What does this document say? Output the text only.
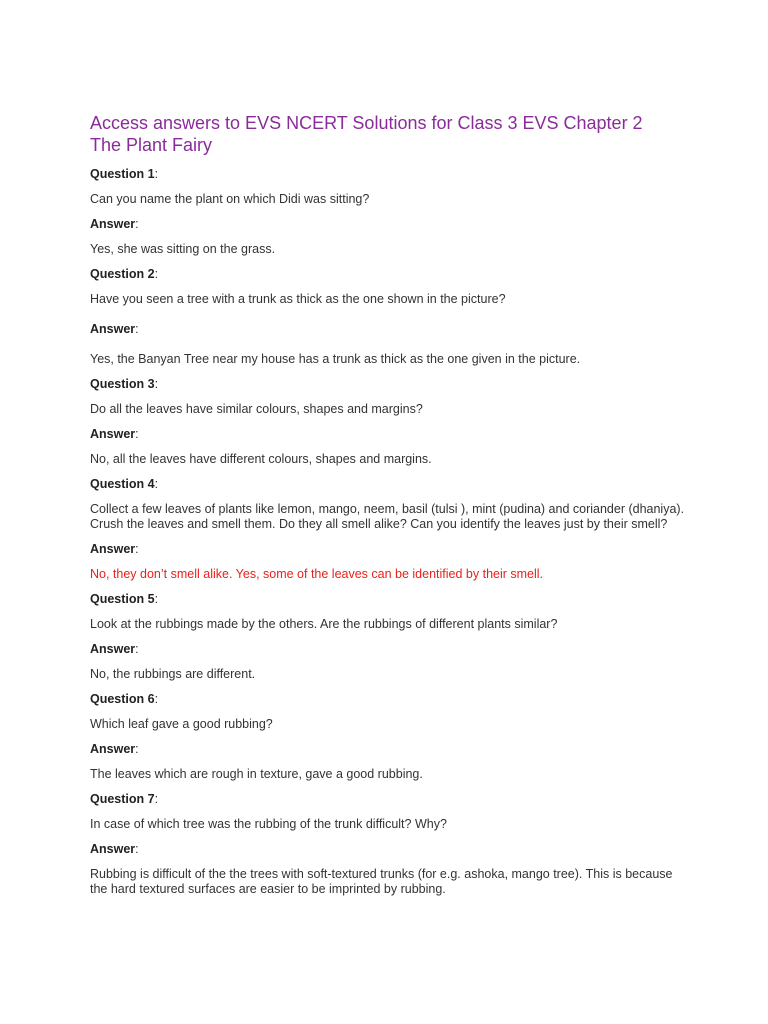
Access answers to EVS NCERT Solutions for Class 3 EVS Chapter 2
The Plant Fairy

Question 1:

Can you name the plant on which Didi was sitting?

Answer:

Yes, she was sitting on the grass.

Question 2:

Have you seen a tree with a trunk as thick as the one shown in the picture?

Answer:

Yes, the Banyan Tree near my house has a trunk as thick as the one given in the picture.

Question 3:

Do all the leaves have similar colours, shapes and margins?

Answer:

No, all the leaves have different colours, shapes and margins.

Question 4:

Collect a few leaves of plants like lemon, mango, neem, basil (tulsi ), mint (pudina) and coriander (dhaniya). Crush the leaves and smell them. Do they all smell alike? Can you identify the leaves just by their smell?

Answer:

No, they don’t smell alike. Yes, some of the leaves can be identified by their smell.

Question 5:

Look at the rubbings made by the others. Are the rubbings of different plants similar?

Answer:

No, the rubbings are different.

Question 6:

Which leaf gave a good rubbing?

Answer:

The leaves which are rough in texture, gave a good rubbing.

Question 7:

In case of which tree was the rubbing of the trunk difficult? Why?

Answer:

Rubbing is difficult of the the trees with soft-textured trunks (for e.g. ashoka, mango tree). This is because the hard textured surfaces are easier to be imprinted by rubbing.
